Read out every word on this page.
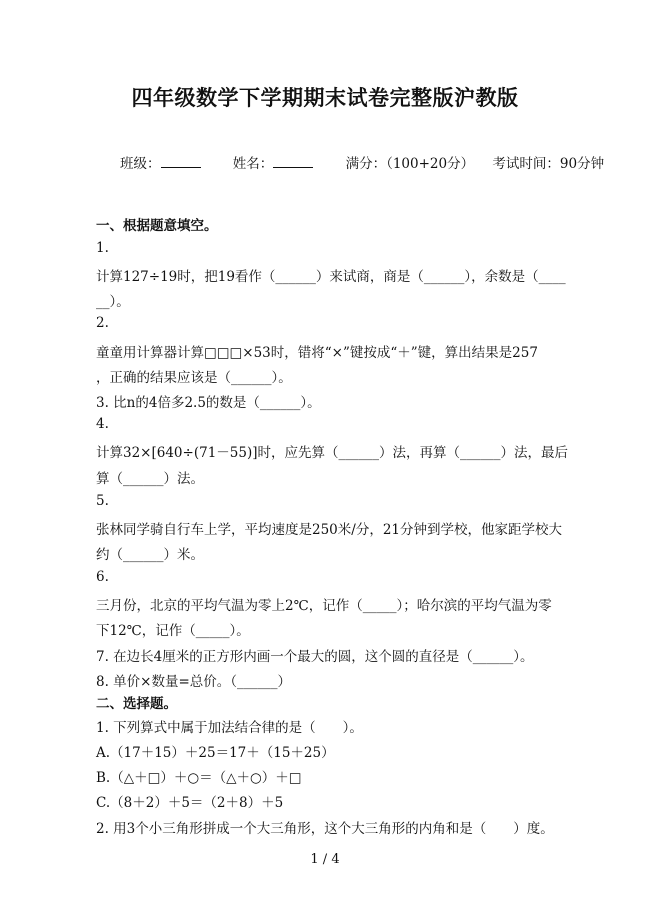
四年级数学下学期期末试卷完整版沪教版
班级：	姓名：	满分：（100+20分） 考试时间：90分钟
一、根据题意填空。
1.
计算127÷19时，把19看作（______）来试商，商是（______），余数是（____
__）。
2.
童童用计算器计算□□□×53时，错将“×”键按成“＋”键，算出结果是257
，正确的结果应该是（______）。
3. 比n的4倍多2.5的数是（______）。
4.
计算32×[640÷(71－55)]时，应先算（______）法，再算（______）法，最后
算（______）法。
5.
张林同学骑自行车上学，平均速度是250米/分，21分钟到学校，他家距学校大
约（______）米。
6.
三月份，北京的平均气温为零上2℃，记作（_____）；哈尔滨的平均气温为零
下12℃，记作（_____）。
7. 在边长4厘米的正方形内画一个最大的圆，这个圆的直径是（______）。
8. 单价×数量=总价。（______）
二、选择题。
1. 下列算式中属于加法结合律的是（　　）。
A.（17＋15）＋25＝17＋（15＋25）
B.（△＋□）＋○＝（△＋○）＋□
C.（8＋2）＋5＝（2＋8）＋5
2. 用3个小三角形拼成一个大三角形，这个大三角形的内角和是（　　）度。
1 / 4
